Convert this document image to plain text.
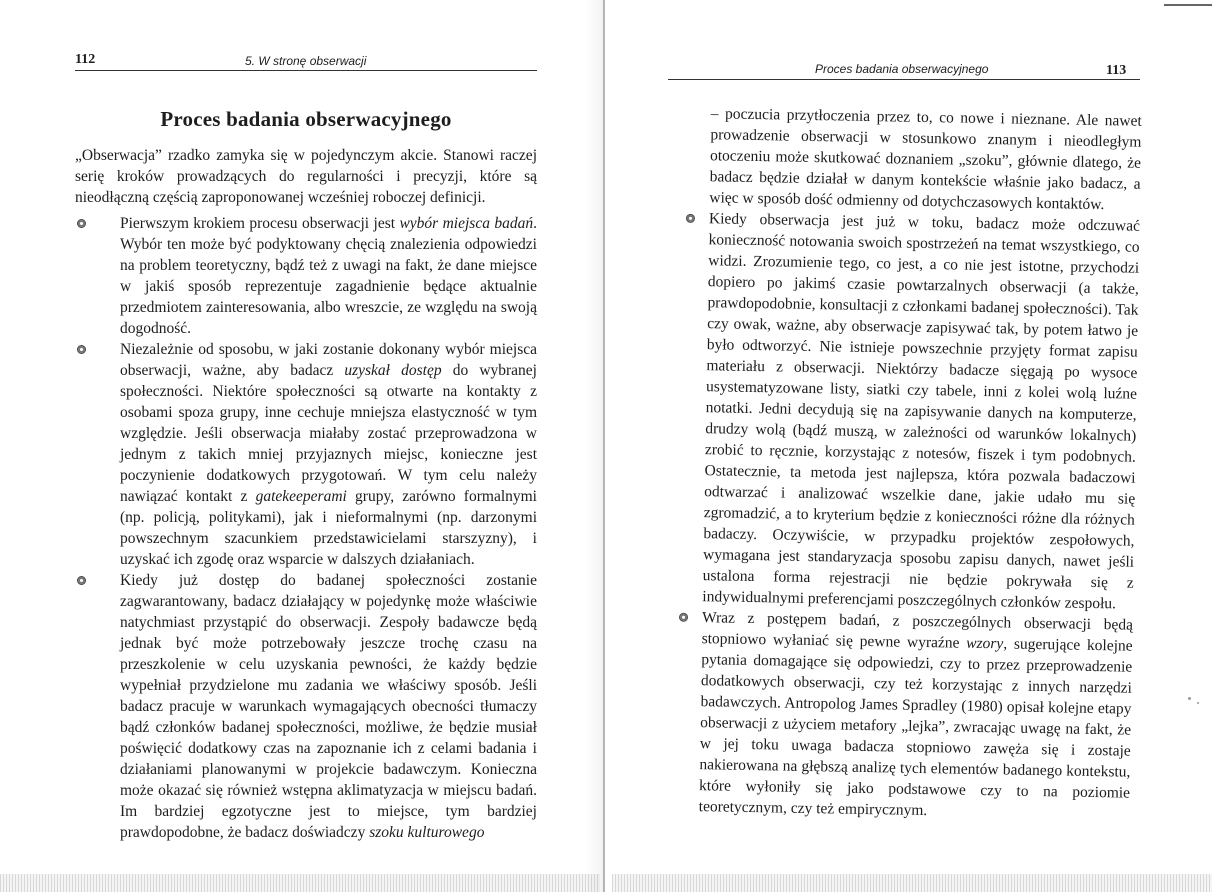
112	5. W stronę obserwacji
Proces badania obserwacyjnego

„Obserwacja” rzadko zamyka się w pojedynczym akcie. Stanowi raczej serię kroków prowadzących do regularności i precyzji, które są nieodłączną częścią zaproponowanej wcześniej roboczej definicji.

Pierwszym krokiem procesu obserwacji jest wybór miejsca badań. Wybór ten może być podyktowany chęcią znalezienia odpowiedzi na problem teoretyczny, bądź też z uwagi na fakt, że dane miejsce w jakiś sposób reprezentuje zagadnienie będące aktualnie przedmiotem zainteresowania, albo wreszcie, ze względu na swoją dogodność.
Niezależnie od sposobu, w jaki zostanie dokonany wybór miejsca obserwacji, ważne, aby badacz uzyskał dostęp do wybranej społeczności. Niektóre społeczności są otwarte na kontakty z osobami spoza grupy, inne cechuje mniejsza elastyczność w tym względzie. Jeśli obserwacja miałaby zostać przeprowadzona w jednym z takich mniej przyjaznych miejsc, konieczne jest poczynienie dodatkowych przygotowań. W tym celu należy nawiązać kontakt z gatekeeperami grupy, zarówno formalnymi (np. policją, politykami), jak i nieformalnymi (np. darzonymi powszechnym szacunkiem przedstawicielami starszyzny), i uzyskać ich zgodę oraz wsparcie w dalszych działaniach.
Kiedy już dostęp do badanej społeczności zostanie zagwarantowany, badacz działający w pojedynkę może właściwie natychmiast przystąpić do obserwacji. Zespoły badawcze będą jednak być może potrzebowały jeszcze trochę czasu na przeszkolenie w celu uzyskania pewności, że każdy będzie wypełniał przydzielone mu zadania we właściwy sposób. Jeśli badacz pracuje w warunkach wymagających obecności tłumaczy bądź członków badanej społeczności, możliwe, że będzie musiał poświęcić dodatkowy czas na zapoznanie ich z celami badania i działaniami planowanymi w projekcie badawczym. Koniecznа może okazać się również wstępna aklimatyzacja w miejscu badań. Im bardziej egzotyczne jest to miejsce, tym bardziej prawdopodobne, że badacz doświadczy szoku kulturowego
Proces badania obserwacyjnego	113

– poczucia przytłoczenia przez to, co nowe i nieznane. Ale nawet prowadzenie obserwacji w stosunkowo znanym i nieodległym otoczeniu może skutkować doznaniem „szoku”, głównie dlatego, że badacz będzie działał w danym kontekście właśnie jako badacz, a więc w sposób dość odmienny od dotychczasowych kontaktów.

Kiedy obserwacja jest już w toku, badacz może odczuwać konieczność notowania swoich spostrzeżeń na temat wszystkiego, co widzi. Zrozumienie tego, co jest, a co nie jest istotne, przychodzi dopiero po jakimś czasie powtarzalnych obserwacji (a także, prawdopodobnie, konsultacji z członkami badanej społeczności). Tak czy owak, ważne, aby obserwacje zapisywać tak, by potem łatwo je było odtworzyć. Nie istnieje powszechnie przyjęty format zapisu materiału z obserwacji. Niektórzy badacze sięgają po wysoce usystematyzowane listy, siatki czy tabele, inni z kolei wolą luźne notatki. Jedni decydują się na zapisywanie danych na komputerze, drudzy wolą (bądź muszą, w zależności od warunków lokalnych) zrobić to ręcznie, korzystając z notesów, fiszek i tym podobnych. Ostatecznie, ta metoda jest najlepsza, która pozwala badaczowi odtwarzać i analizować wszelkie dane, jakie udało mu się zgromadzić, a to kryterium będzie z konieczności różne dla różnych badaczy. Oczywiście, w przypadku projektów zespołowych, wymagana jest standaryzacja sposobu zapisu danych, nawet jeśli ustalona forma rejestracji nie będzie pokrywała się z indywidualnymi preferencjami poszczególnych członków zespołu.
Wraz z postępem badań, z poszczególnych obserwacji będą stopniowo wyłaniać się pewne wyraźne wzory, sugerujące kolejne pytania domagające się odpowiedzi, czy to przez przeprowadzenie dodatkowych obserwacji, czy też korzystając z innych narzędzi badawczych. Antropolog James Spradley (1980) opisał kolejne etapy obserwacji z użyciem metafory „lejka”, zwracając uwagę na fakt, że w jej toku uwaga badacza stopniowo zawęża się i zostaje nakierowana na głębszą analizę tych elementów badanego kontekstu, które wyłoniły się jako podstawowe czy to na poziomie teoretycznym, czy też empirycznym.
